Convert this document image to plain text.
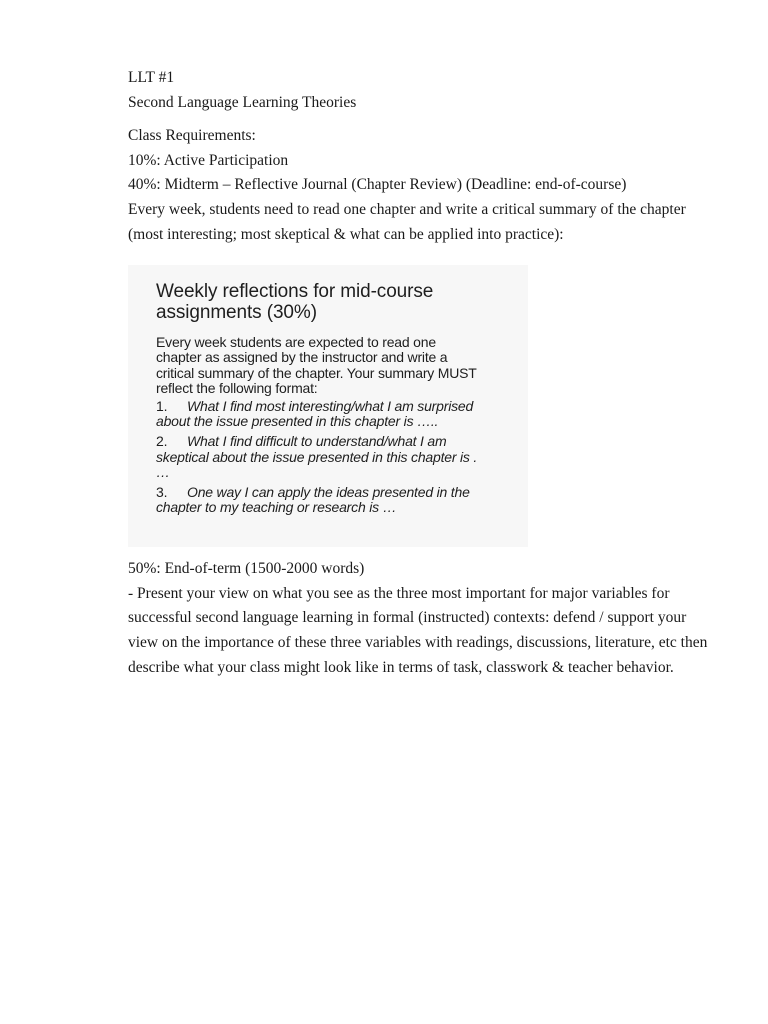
LLT #1
Second Language Learning Theories
Class Requirements:
10%: Active Participation
40%: Midterm – Reflective Journal (Chapter Review) (Deadline: end-of-course)
Every week, students need to read one chapter and write a critical summary of the chapter (most interesting; most skeptical & what can be applied into practice):
Weekly reflections for mid-course
assignments (30%)
Every week students are expected to read one
chapter as assigned by the instructor and write a
critical summary of the chapter. Your summary MUST
reflect the following format:
1. What I find most interesting/what I am surprised
about the issue presented in this chapter is …..
2. What I find difficult to understand/what I am
skeptical about the issue presented in this chapter is .
…
3. One way I can apply the ideas presented in the
chapter to my teaching or research is …
50%: End-of-term (1500-2000 words)
- Present your view on what you see as the three most important for major variables for successful second language learning in formal (instructed) contexts: defend / support your view on the importance of these three variables with readings, discussions, literature, etc then describe what your class might look like in terms of task, classwork & teacher behavior.
